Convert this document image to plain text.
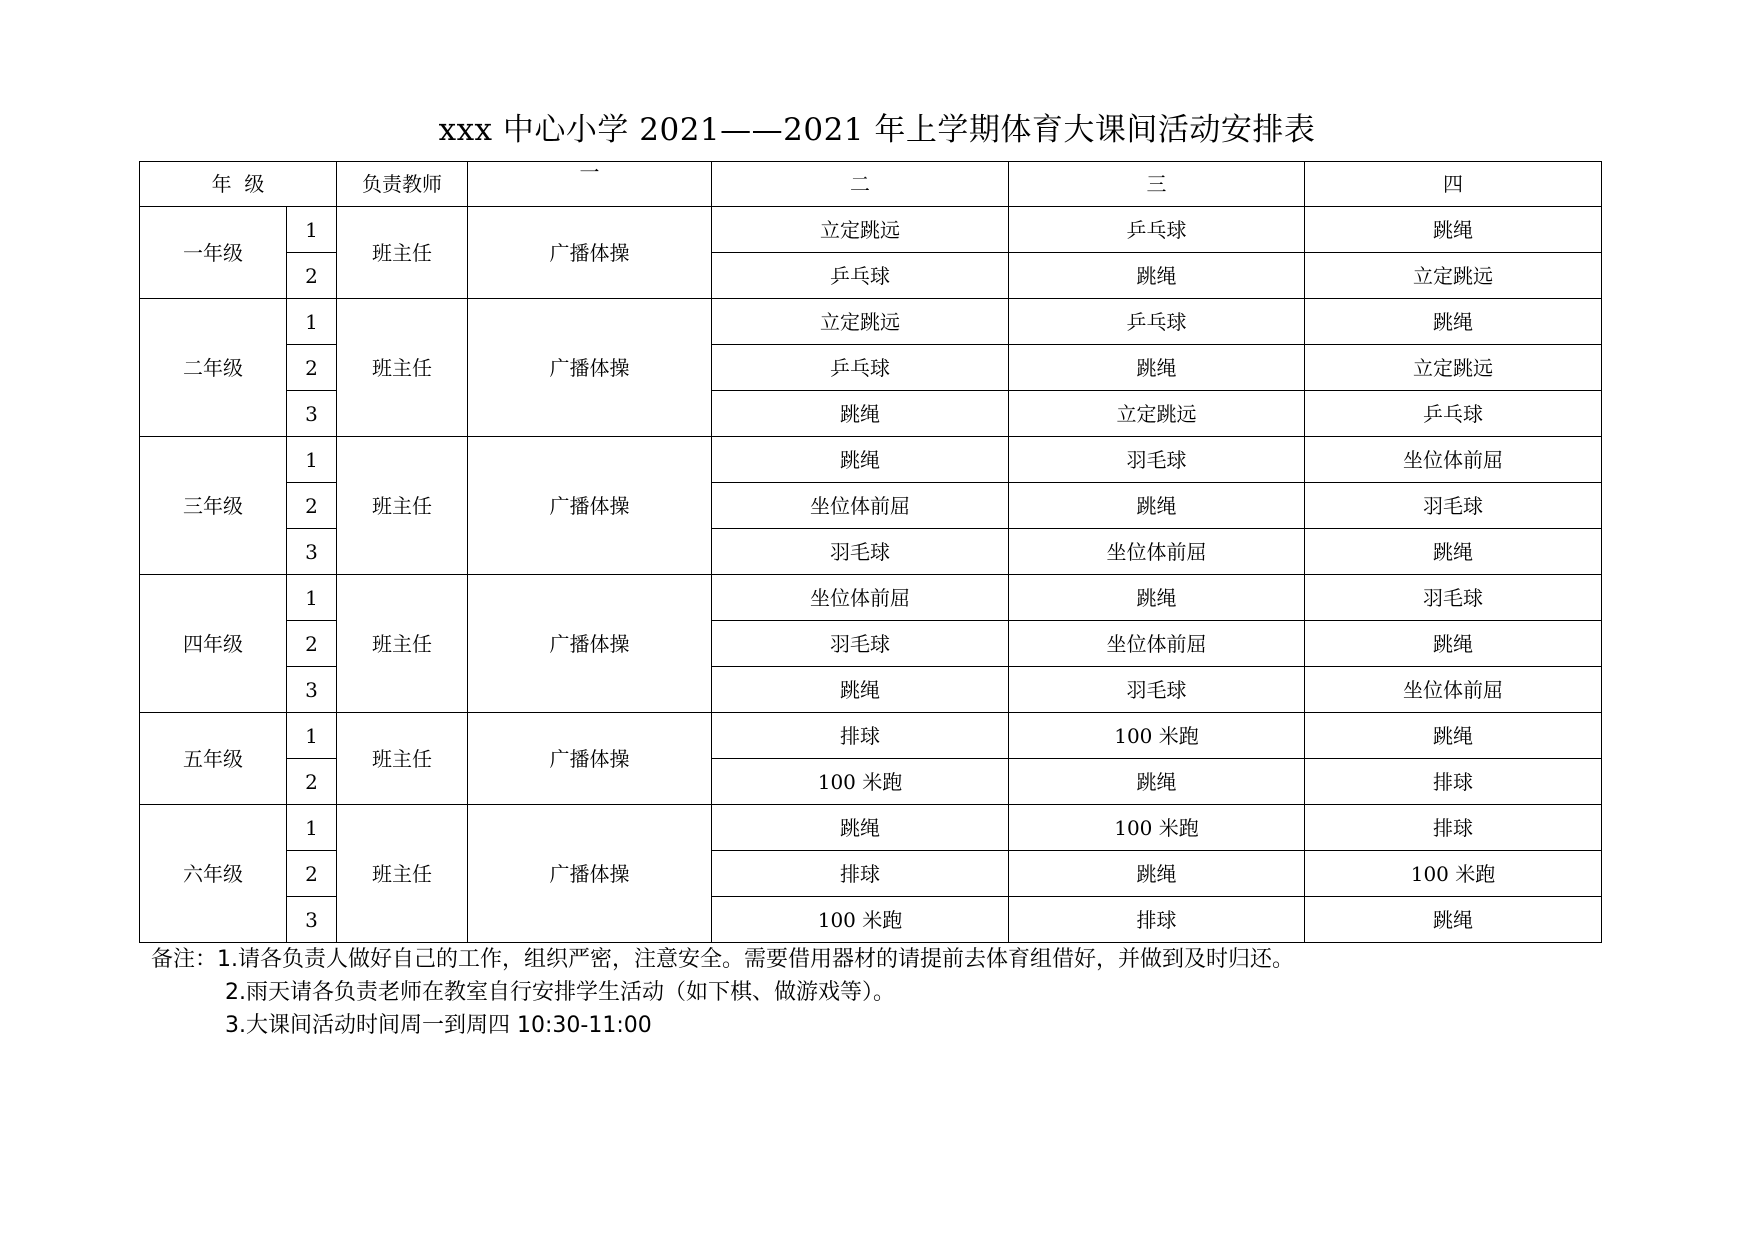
xxx 中心小学 2021——2021 年上学期体育大课间活动安排表
年  级		负责教师	一	二	三	四
一年级	1	班主任	广播体操	立定跳远	乒乓球	跳绳
	2			乒乓球	跳绳	立定跳远
二年级	1	班主任	广播体操	立定跳远	乒乓球	跳绳
	2			乒乓球	跳绳	立定跳远
	3			跳绳	立定跳远	乒乓球
三年级	1	班主任	广播体操	跳绳	羽毛球	坐位体前屈
	2			坐位体前屈	跳绳	羽毛球
	3			羽毛球	坐位体前屈	跳绳
四年级	1	班主任	广播体操	坐位体前屈	跳绳	羽毛球
	2			羽毛球	坐位体前屈	跳绳
	3			跳绳	羽毛球	坐位体前屈
五年级	1	班主任	广播体操	排球	100 米跑	跳绳
	2			100 米跑	跳绳	排球
六年级	1	班主任	广播体操	跳绳	100 米跑	排球
	2			排球	跳绳	100 米跑
	3			100 米跑	排球	跳绳
备注：1.请各负责人做好自己的工作，组织严密，注意安全。需要借用器材的请提前去体育组借好，并做到及时归还。
2.雨天请各负责老师在教室自行安排学生活动（如下棋、做游戏等）。
3.大课间活动时间周一到周四 10:30-11:00
